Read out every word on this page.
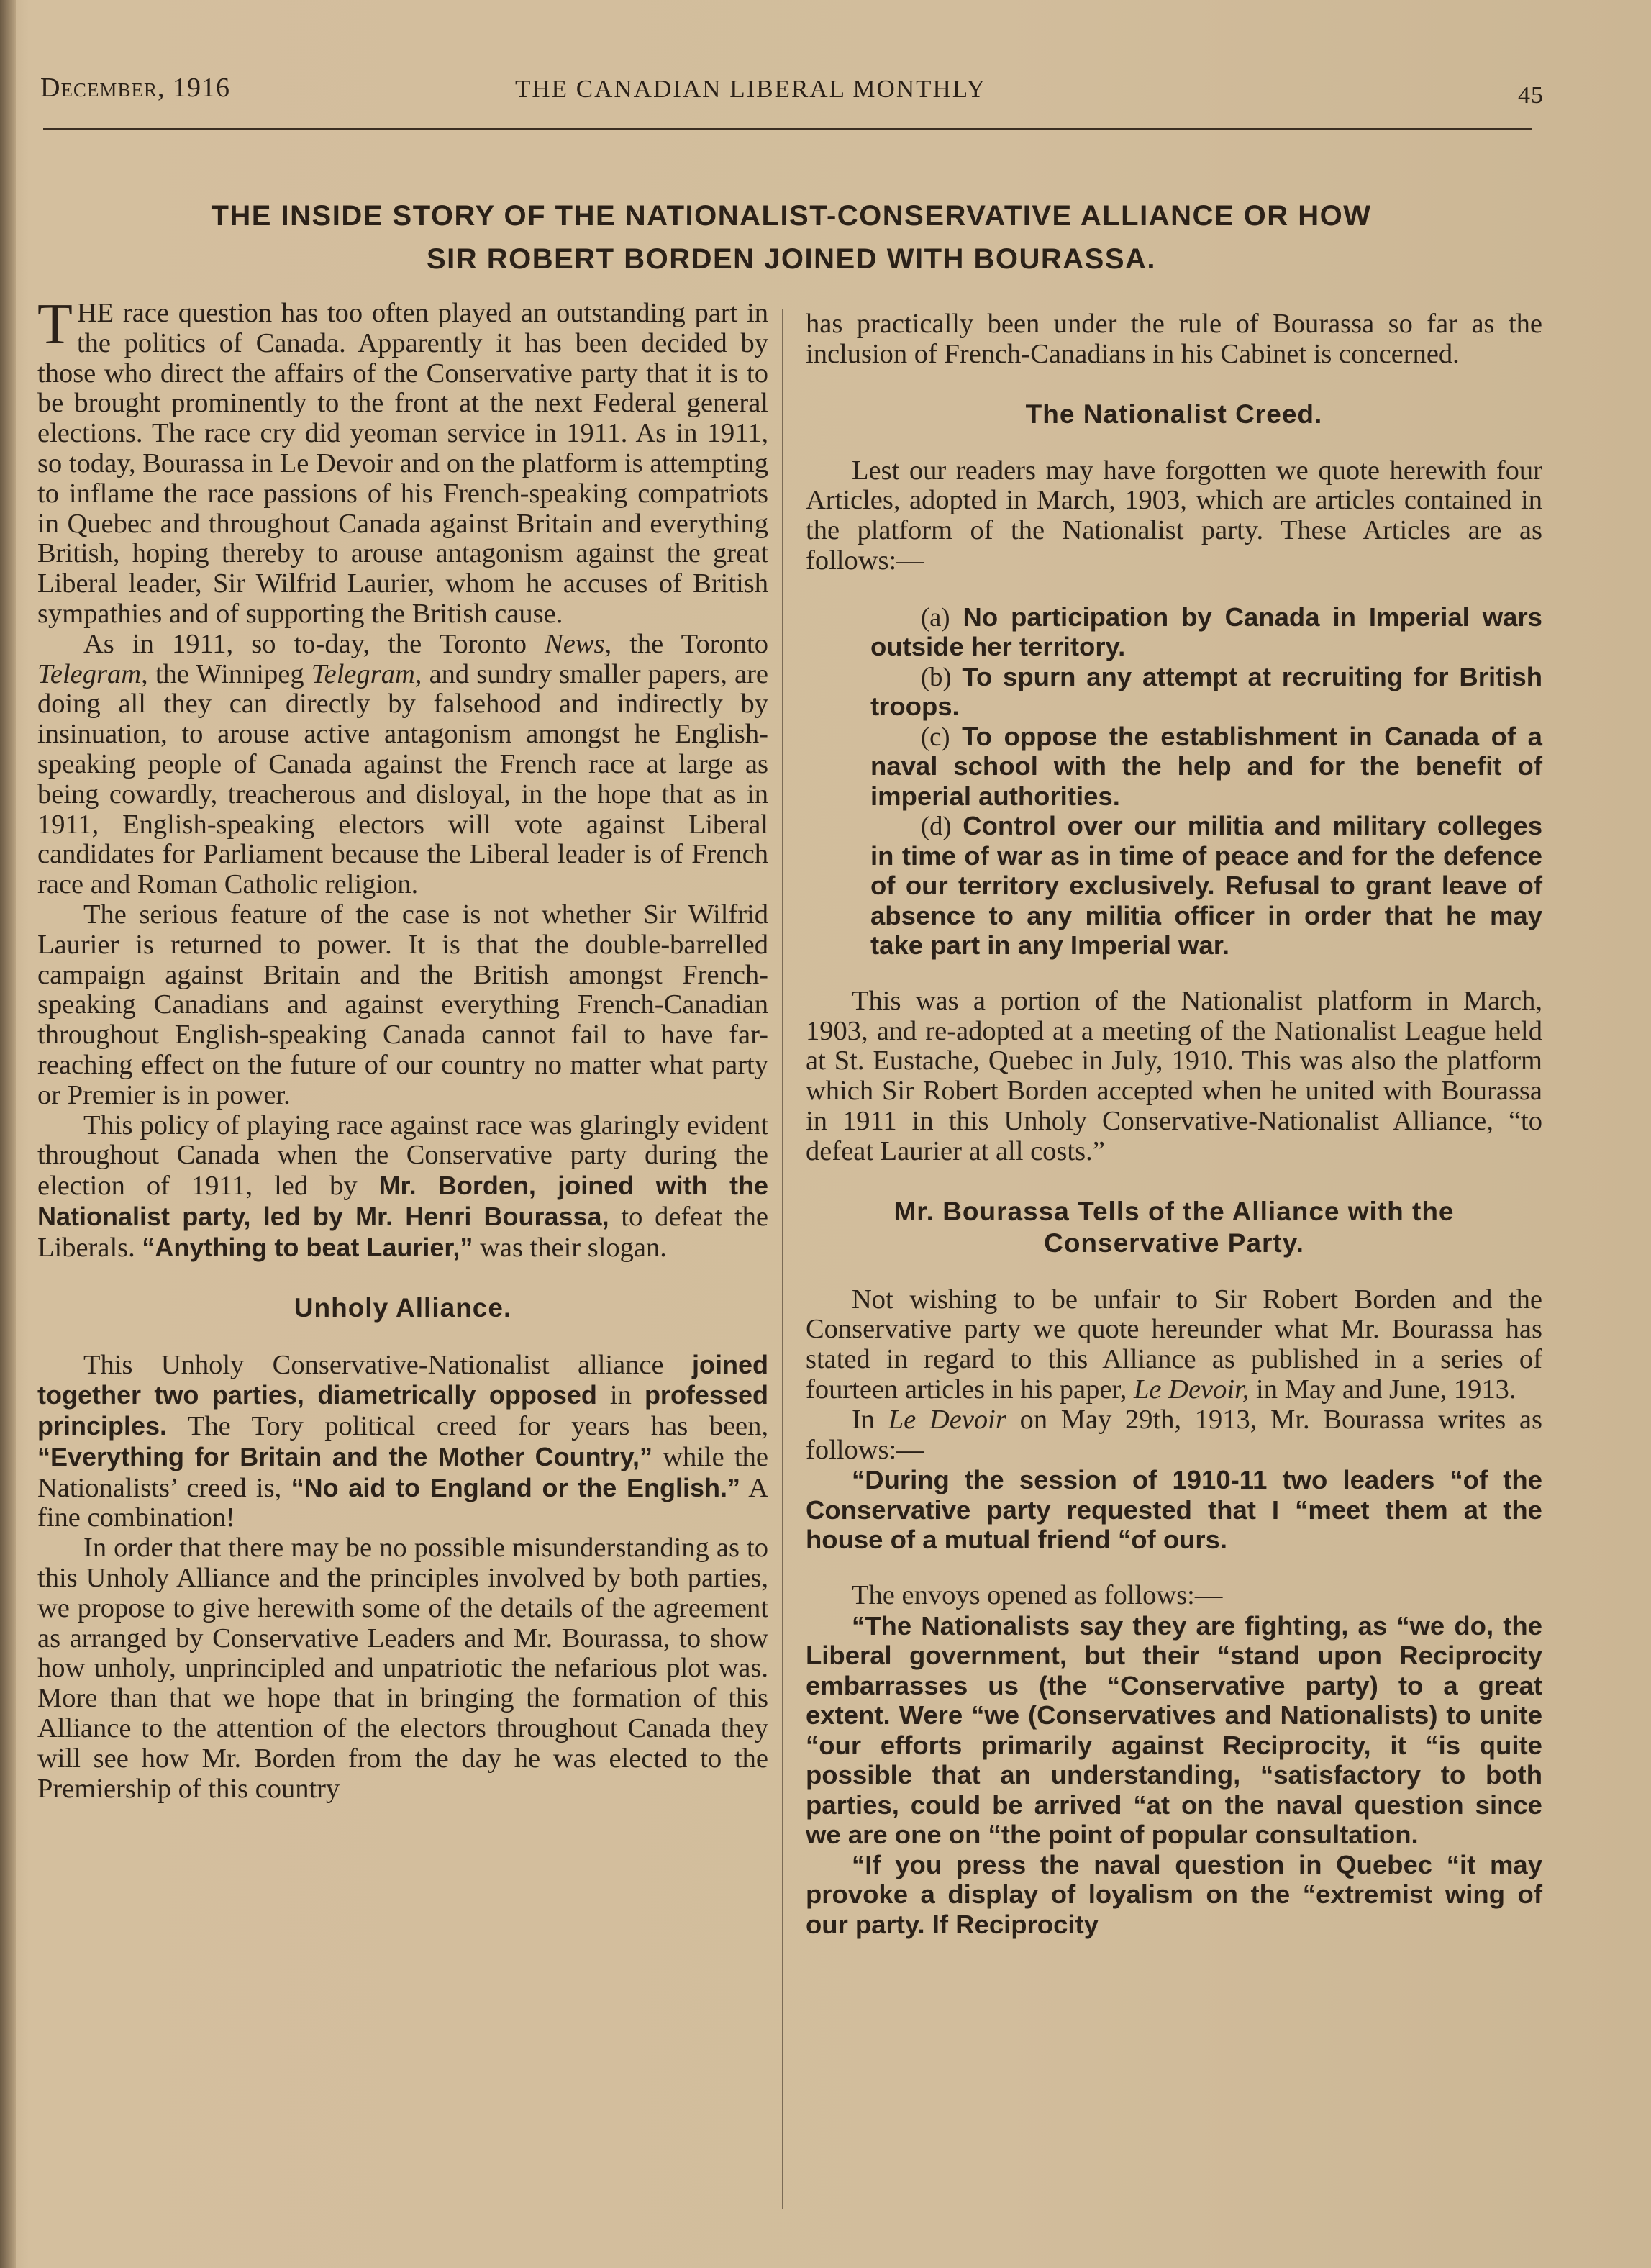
December, 1916	THE CANADIAN LIBERAL MONTHLY	45
THE INSIDE STORY OF THE NATIONALIST-CONSERVATIVE ALLIANCE OR HOW
SIR ROBERT BORDEN JOINED WITH BOURASSA.

THE race question has too often played an outstanding part in the politics of Canada. Apparently it has been decided by those who direct the affairs of the Conservative party that it is to be brought prominently to the front at the next Federal general elections. The race cry did yeoman service in 1911. As in 1911, so today, Bourassa in Le Devoir and on the platform is attempting to inflame the race passions of his French-speaking compatriots in Quebec and throughout Canada against Britain and everything British, hoping thereby to arouse antagonism against the great Liberal leader, Sir Wilfrid Laurier, whom he accuses of British sympathies and of supporting the British cause.

As in 1911, so to-day, the Toronto News, the Toronto Telegram, the Winnipeg Telegram, and sundry smaller papers, are doing all they can directly by falsehood and indirectly by insinuation, to arouse active antagonism amongst he English-speaking people of Canada against the French race at large as being cowardly, treacherous and disloyal, in the hope that as in 1911, English-speaking electors will vote against Liberal candidates for Parliament because the Liberal leader is of French race and Roman Catholic religion.

The serious feature of the case is not whether Sir Wilfrid Laurier is returned to power. It is that the double-barrelled campaign against Britain and the British amongst French-speaking Canadians and against everything French-Canadian throughout English-speaking Canada cannot fail to have far-reaching effect on the future of our country no matter what party or Premier is in power.

This policy of playing race against race was glaringly evident throughout Canada when the Conservative party during the election of 1911, led by Mr. Borden, joined with the Nationalist party, led by Mr. Henri Bourassa, to defeat the Liberals. “Anything to beat Laurier,” was their slogan.

Unholy Alliance.

This Unholy Conservative-Nationalist alliance joined together two parties, diametrically opposed in professed principles. The Tory political creed for years has been, “Everything for Britain and the Mother Country,” while the Nationalists’ creed is, “No aid to England or the English.” A fine combination!

In order that there may be no possible misunderstanding as to this Unholy Alliance and the principles involved by both parties, we propose to give herewith some of the details of the agreement as arranged by Conservative Leaders and Mr. Bourassa, to show how unholy, unprincipled and unpatriotic the nefarious plot was. More than that we hope that in bringing the formation of this Alliance to the attention of the electors throughout Canada they will see how Mr. Borden from the day he was elected to the Premiership of this country

has practically been under the rule of Bourassa so far as the inclusion of French-Canadians in his Cabinet is concerned.

The Nationalist Creed.

Lest our readers may have forgotten we quote herewith four Articles, adopted in March, 1903, which are articles contained in the platform of the Nationalist party. These Articles are as follows:—

(a) No participation by Canada in Imperial wars outside her territory.
(b) To spurn any attempt at recruiting for British troops.
(c) To oppose the establishment in Canada of a naval school with the help and for the benefit of imperial authorities.
(d) Control over our militia and military colleges in time of war as in time of peace and for the defence of our territory exclusively. Refusal to grant leave of absence to any militia officer in order that he may take part in any Imperial war.

This was a portion of the Nationalist platform in March, 1903, and re-adopted at a meeting of the Nationalist League held at St. Eustache, Quebec in July, 1910. This was also the platform which Sir Robert Borden accepted when he united with Bourassa in 1911 in this Unholy Conservative-Nationalist Alliance, “to defeat Laurier at all costs.”

Mr. Bourassa Tells of the Alliance with the
Conservative Party.

Not wishing to be unfair to Sir Robert Borden and the Conservative party we quote hereunder what Mr. Bourassa has stated in regard to this Alliance as published in a series of fourteen articles in his paper, Le Devoir, in May and June, 1913.

In Le Devoir on May 29th, 1913, Mr. Bourassa writes as follows:—

“During the session of 1910-11 two leaders “of the Conservative party requested that I “meet them at the house of a mutual friend “of ours.

The envoys opened as follows:—

“The Nationalists say they are fighting, as “we do, the Liberal government, but their “stand upon Reciprocity embarrasses us (the “Conservative party) to a great extent. Were “we (Conservatives and Nationalists) to unite “our efforts primarily against Reciprocity, it “is quite possible that an understanding, “satisfactory to both parties, could be arrived “at on the naval question since we are one on “the point of popular consultation.

“If you press the naval question in Quebec “it may provoke a display of loyalism on the “extremist wing of our party. If Reciprocity
